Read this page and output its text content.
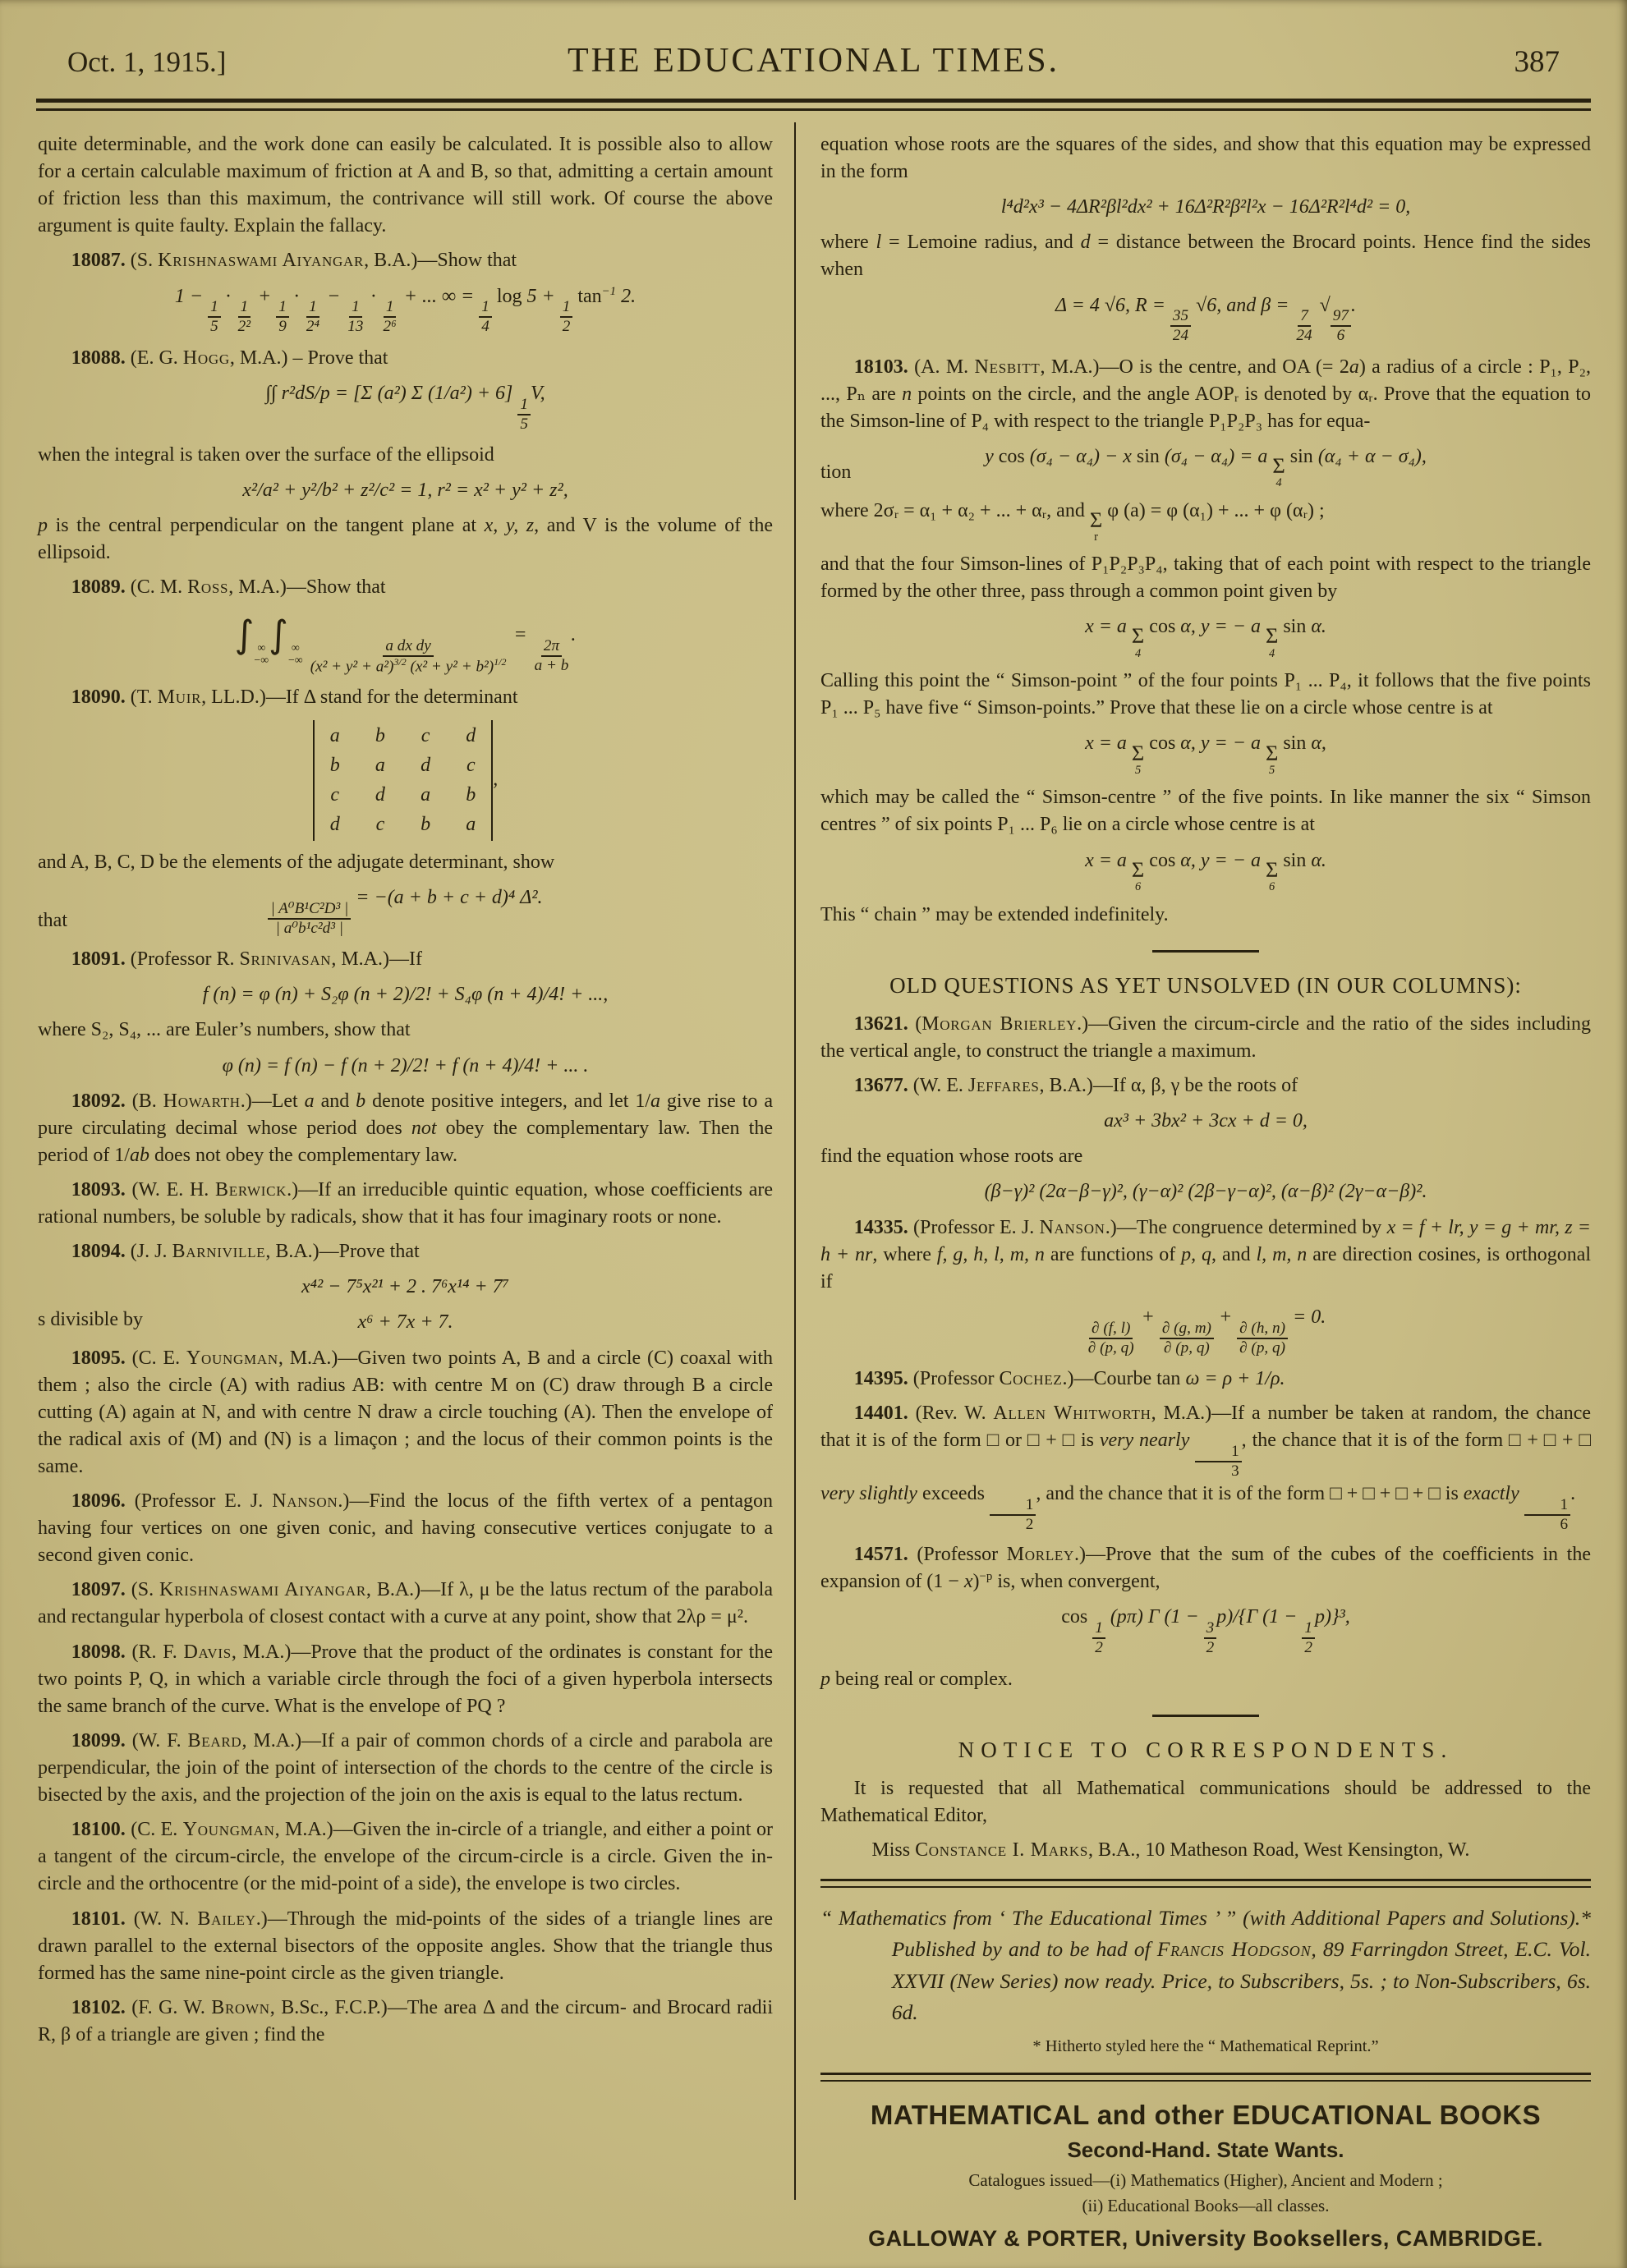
Oct. 1, 1915.]	THE EDUCATIONAL TIMES.	387

quite determinable, and the work done can easily be calculated. It is possible also to allow for a certain calculable maximum of friction at A and B, so that, admitting a certain amount of friction less than this maximum, the contrivance will still work. Of course the above argument is quite faulty. Explain the fallacy.

18087. (S. Krishnaswami Aiyangar, B.A.)—Show that

1 −
$\frac{1}{5}$
·
$\frac{1}{\text{2²}}$
+
$\frac{1}{9}$
·
$\frac{1}{\text{2⁴}}$
−
$\frac{1}{13}$
·
$\frac{1}{\text{2⁶}}$
+ ... ∞ =
$\frac{1}{4}$
log 5 +
$\frac{1}{2}$
$\tan^{-1} 2$.

18088. (E. G. Hogg, M.A.) – Prove that

∫∫ r²dS/p = [Σ (a²) Σ (1/a²) + 6]
$\frac{1}{5}$
V,

when the integral is taken over the surface of the ellipsoid

x²/a² + y²/b² + z²/c² = 1, r² = x² + y² + z²,

p is the central perpendicular on the tangent plane at x, y, z, and V is the volume of the ellipsoid.

18089. (C. M. Ross, M.A.)—Show that

∫ ∞
−∞
∫ ∞
−∞
$\frac{\text{a dx dy}}{(x^2 + y^2 + a^2)^{3/2} (x^2 + y^2 + b^2)^{1/2}}$
=
$\frac{2\pi}{a + b}$
.

18090. (T. Muir, LL.D.)—If Δ stand for the determinant

a	b	c	d
b	a	d	c
c	d	a	b
d	c	b	a
,

and A, B, C, D be the elements of the adjugate determinant, show

that	$\frac{\text{| A⁰B¹C²D³ |}}{\text{| a⁰b¹c²d³ |}}$
= −(a + b + c + d)⁴ Δ².

18091. (Professor R. Srinivasan, M.A.)—If

f (n) = φ (n) + S₂φ (n + 2)/2! + S₄φ (n + 4)/4! + ...,

where S₂, S₄, ... are Euler’s numbers, show that

φ (n) = f (n) − f (n + 2)/2! + f (n + 4)/4! + ... .

18092. (B. Howarth.)—Let a and b denote positive integers, and let 1/a give rise to a pure circulating decimal whose period does not obey the complementary law. Then the period of 1/ab does not obey the complementary law.

18093. (W. E. H. Berwick.)—If an irreducible quintic equation, whose coefficients are rational numbers, be soluble by radicals, show that it has four imaginary roots or none.

18094. (J. J. Barniville, B.A.)—Prove that

x⁴² − 7⁵x²¹ + 2 . 7⁶x¹⁴ + 7⁷
s divisible by	x⁶ + 7x + 7.

18095. (C. E. Youngman, M.A.)—Given two points A, B and a circle (C) coaxal with them ; also the circle (A) with radius AB: with centre M on (C) draw through B a circle cutting (A) again at N, and with centre N draw a circle touching (A). Then the envelope of the radical axis of (M) and (N) is a limaçon ; and the locus of their common points is the same.

18096. (Professor E. J. Nanson.)—Find the locus of the fifth vertex of a pentagon having four vertices on one given conic, and having consecutive vertices conjugate to a second given conic.

18097. (S. Krishnaswami Aiyangar, B.A.)—If λ, μ be the latus rectum of the parabola and rectangular hyperbola of closest contact with a curve at any point, show that 2λρ = μ².

18098. (R. F. Davis, M.A.)—Prove that the product of the ordinates is constant for the two points P, Q, in which a variable circle through the foci of a given hyperbola intersects the same branch of the curve. What is the envelope of PQ ?

18099. (W. F. Beard, M.A.)—If a pair of common chords of a circle and parabola are perpendicular, the join of the point of intersection of the chords to the centre of the circle is bisected by the axis, and the projection of the join on the axis is equal to the latus rectum.

18100. (C. E. Youngman, M.A.)—Given the in-circle of a triangle, and either a point or a tangent of the circum-circle, the envelope of the circum-circle is a circle. Given the in-circle and the orthocentre (or the mid-point of a side), the envelope is two circles.

18101. (W. N. Bailey.)—Through the mid-points of the sides of a triangle lines are drawn parallel to the external bisectors of the opposite angles. Show that the triangle thus formed has the same nine-point circle as the given triangle.

18102. (F. G. W. Brown, B.Sc., F.C.P.)—The area Δ and the circum- and Brocard radii R, β of a triangle are given ; find the

equation whose roots are the squares of the sides, and show that this equation may be expressed in the form

l⁴d²x³ − 4ΔR²βl²dx² + 16Δ²R²β²l²x − 16Δ²R²l⁴d² = 0,

where l = Lemoine radius, and d = distance between the Brocard points. Hence find the sides when

Δ = 4 √6, R =
$\frac{35}{24}$
√6, and β =
$\frac{7}{24}$
√
$\frac{97}{6}$
.

18103. (A. M. Nesbitt, M.A.)—O is the centre, and OA (= 2a) a radius of a circle : P₁, P₂, ..., Pₙ are n points on the circle, and the angle AOPᵣ is denoted by αᵣ. Prove that the equation to the Simson-line of P₄ with respect to the triangle P₁P₂P₃ has for equa-

tion
y cos (σ₄ − α₄) − x sin (σ₄ − α₄) = a Σ
4
sin (α₄ + α − σ₄),

where 2σᵣ = α₁ + α₂ + ... + αᵣ, and Σ
r
φ (a) = φ (α₁) + ... + φ (αᵣ) ;

and that the four Simson-lines of P₁P₂P₃P₄, taking that of each point with respect to the triangle formed by the other three, pass through a common point given by

x = a Σ
4
cos α, y = − a Σ
4
sin α.

Calling this point the “ Simson-point ” of the four points P₁ ... P₄, it follows that the five points P₁ ... P₅ have five “ Simson-points.” Prove that these lie on a circle whose centre is at

x = a Σ
5
cos α, y = − a Σ
5
sin α,

which may be called the “ Simson-centre ” of the five points. In like manner the six “ Simson centres ” of six points P₁ ... P₆ lie on a circle whose centre is at

x = a Σ
6
cos α, y = − a Σ
6
sin α.

This “ chain ” may be extended indefinitely.

OLD QUESTIONS AS YET UNSOLVED (IN OUR COLUMNS):

13621. (Morgan Brierley.)—Given the circum-circle and the ratio of the sides including the vertical angle, to construct the triangle a maximum.

13677. (W. E. Jeffares, B.A.)—If α, β, γ be the roots of

ax³ + 3bx² + 3cx + d = 0,

find the equation whose roots are

(β−γ)² (2α−β−γ)², (γ−α)² (2β−γ−α)², (α−β)² (2γ−α−β)².

14335. (Professor E. J. Nanson.)—The congruence determined by x = f + lr, y = g + mr, z = h + nr, where f, g, h, l, m, n are functions of p, q, and l, m, n are direction cosines, is orthogonal if

$\frac{\partial (f, l)}{\partial (p, q)}$
+
$\frac{\partial (g, m)}{\partial (p, q)}$
+
$\frac{\partial (h, n)}{\partial (p, q)}$
= 0.

14395. (Professor Cochez.)—Courbe tan ω = ρ + 1/ρ.

14401. (Rev. W. Allen Whitworth, M.A.)—If a number be taken at random, the chance that it is of the form □ or □ + □ is very nearly
$\frac{1}{3}$
, the chance that it is of the form □ + □ + □ very slightly exceeds
$\frac{1}{2}$
, and the chance that it is of the form □ + □ + □ + □ is exactly
$\frac{1}{6}$
.

14571. (Professor Morley.)—Prove that the sum of the cubes of the coefficients in the expansion of $(1 - x)^{-p}$ is, when convergent,

cos
$\frac{1}{2}$
(pπ) Γ (1 −
$\frac{3}{2}$
p)/{Γ (1 −
$\frac{1}{2}$
p)}³,

p being real or complex.

NOTICE TO CORRESPONDENTS.

It is requested that all Mathematical communications should be addressed to the Mathematical Editor,

Miss Constance I. Marks, B.A., 10 Matheson Road, West Kensington, W.

“ Mathematics from ‘ The Educational Times ’ ” (with Additional Papers and Solutions).* Published by and to be had of Francis Hodgson, 89 Farringdon Street, E.C. Vol. XXVII (New Series) now ready. Price, to Subscribers, 5s. ; to Non-Subscribers, 6s. 6d.

* Hitherto styled here the “ Mathematical Reprint.”

MATHEMATICAL and other EDUCATIONAL BOOKS
Second-Hand. State Wants.
Catalogues issued—(i) Mathematics (Higher), Ancient and Modern ;
(ii) Educational Books—all classes.
GALLOWAY & PORTER, University Booksellers, CAMBRIDGE.
